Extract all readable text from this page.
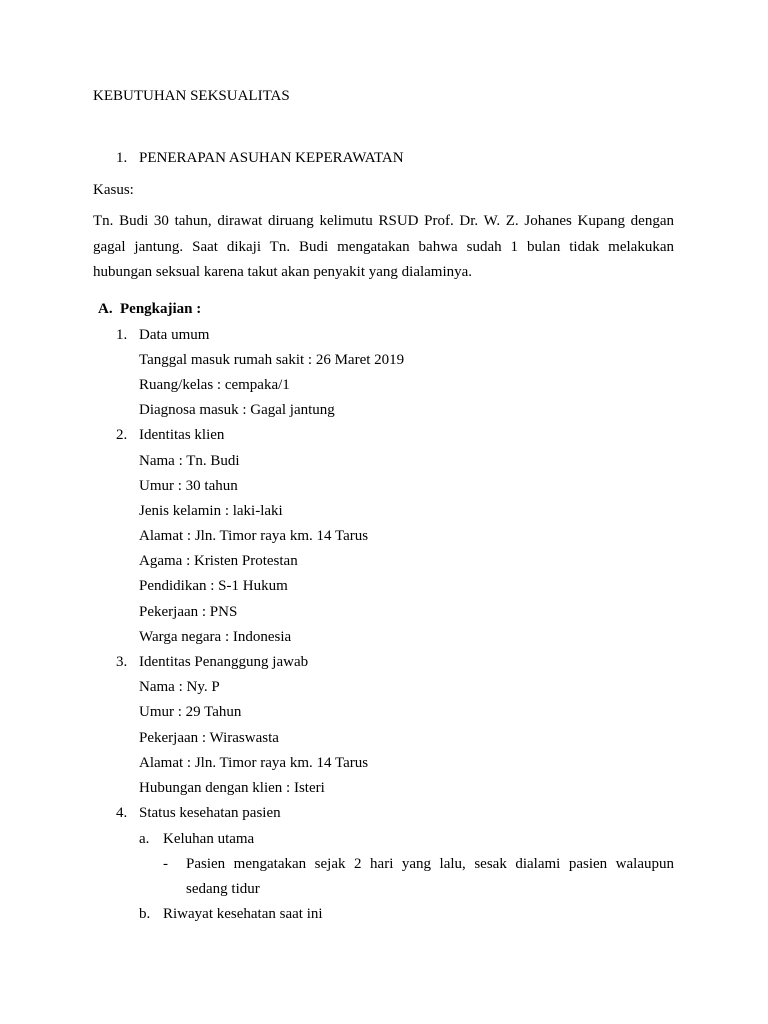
KEBUTUHAN SEKSUALITAS
1. PENERAPAN ASUHAN KEPERAWATAN
Kasus:
Tn. Budi 30 tahun, dirawat diruang kelimutu RSUD Prof. Dr. W. Z. Johanes Kupang dengan
gagal jantung. Saat dikaji Tn. Budi mengatakan bahwa sudah 1 bulan tidak melakukan
hubungan seksual karena takut akan penyakit yang dialaminya.
A. Pengkajian :
1. Data umum
Tanggal masuk rumah sakit : 26 Maret 2019
Ruang/kelas : cempaka/1
Diagnosa masuk : Gagal jantung
2. Identitas klien
Nama : Tn. Budi
Umur : 30 tahun
Jenis kelamin : laki-laki
Alamat : Jln. Timor raya km. 14 Tarus
Agama : Kristen Protestan
Pendidikan : S-1 Hukum
Pekerjaan : PNS
Warga negara : Indonesia
3. Identitas Penanggung jawab
Nama : Ny. P
Umur : 29 Tahun
Pekerjaan : Wiraswasta
Alamat : Jln. Timor raya km. 14 Tarus
Hubungan dengan klien : Isteri
4. Status kesehatan pasien
a. Keluhan utama
- Pasien mengatakan sejak 2 hari yang lalu, sesak dialami pasien walaupun
sedang tidur
b. Riwayat kesehatan saat ini
